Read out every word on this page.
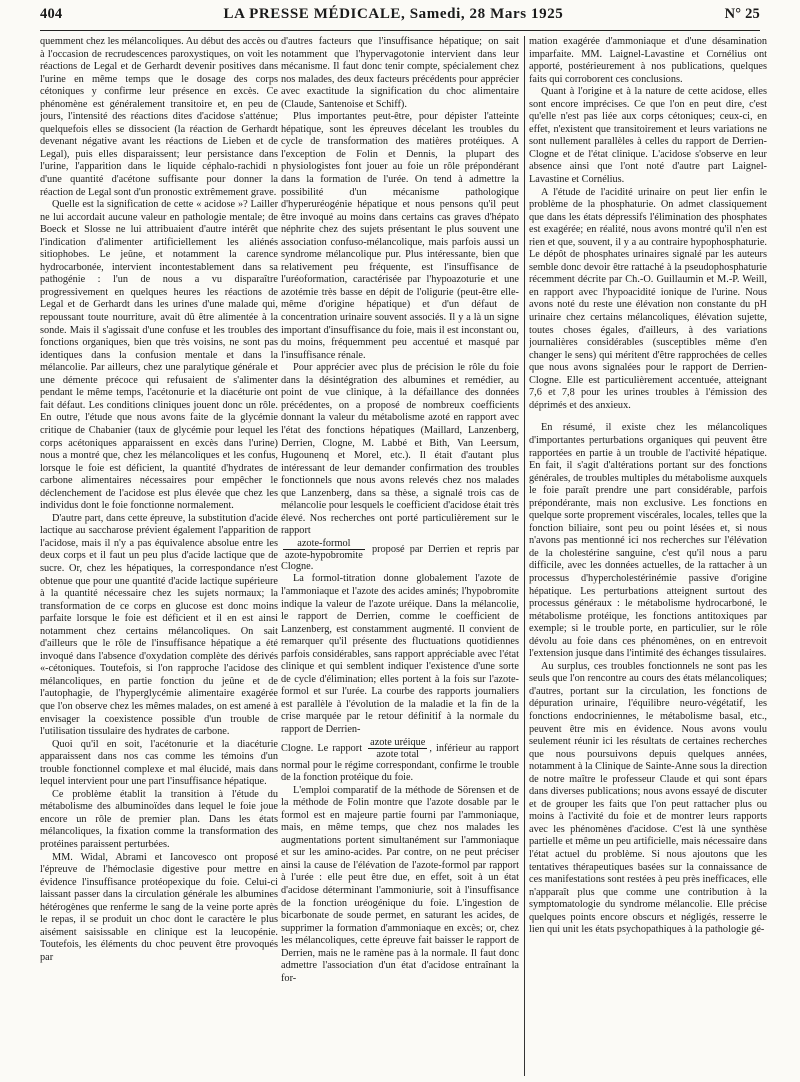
404	LA PRESSE MÉDICALE, Samedi, 28 Mars 1925	N° 25

quemment chez les mélancoliques. Au début des accès ou à l'occasion de recrudescences paroxystiques, on voit les réactions de Legal et de Gerhardt devenir positives dans l'urine en même temps que le dosage des corps cétoniques y confirme leur présence en excès. Ce phénomène est généralement transitoire et, en peu de jours, l'intensité des réactions dites d'acidose s'atténue; quelquefois elles se dissocient (la réaction de Gerhardt devenant négative avant les réactions de Lieben et de Legal), puis elles disparaissent; leur persistance dans l'urine, l'apparition dans le liquide céphalo-rachidi n d'une quantité d'acétone suffisante pour donner la réaction de Legal sont d'un pronostic extrêmement grave.

Quelle est la signification de cette « acidose »? Lailler ne lui accordait aucune valeur en pathologie mentale; de Boeck et Slosse ne lui attribuaient d'autre intérêt que l'indication d'alimenter artificiellement les aliénés sitiophobes. Le jeûne, et notamment la carence hydrocarbonée, intervient incontestablement dans sa pathogénie : l'un de nous a vu disparaître progressivement en quelques heures les réactions de Legal et de Gerhardt dans les urines d'une malade qui, repoussant toute nourriture, avait dû être alimentée à la sonde. Mais il s'agissait d'une confuse et les troubles des fonctions organiques, bien que très voisins, ne sont pas identiques dans la confusion mentale et dans la mélancolie. Par ailleurs, chez une paralytique générale et une démente précoce qui refusaient de s'alimenter pendant le même temps, l'acétonurie et la diacéturie ont fait défaut. Les conditions cliniques jouent donc un rôle. En outre, l'étude que nous avons faite de la glycémie critique de Chabanier (taux de glycémie pour lequel les corps acétoniques apparaissent en excès dans l'urine) nous a montré que, chez les mélancoliques et les confus, lorsque le foie est déficient, la quantité d'hydrates de carbone alimentaires nécessaires pour empêcher le déclenchement de l'acidose est plus élevée que chez les individus dont le foie fonctionne normalement.

D'autre part, dans cette épreuve, la substitution d'acide lactique au saccharose prévient également l'apparition de l'acidose, mais il n'y a pas équivalence absolue entre les deux corps et il faut un peu plus d'acide lactique que de sucre. Or, chez les hépatiques, la correspondance n'est obtenue que pour une quantité d'acide lactique supérieure à la quantité nécessaire chez les sujets normaux; la transformation de ce corps en glucose est donc moins parfaite lorsque le foie est déficient et il en est ainsi notamment chez certains mélancoliques. On sait d'ailleurs que le rôle de l'insuffisance hépatique a été invoqué dans l'absence d'oxydation complète des dérivés «-cétoniques. Toutefois, si l'on rapproche l'acidose des mélancoliques, en partie fonction du jeûne et de l'autophagie, de l'hyperglycémie alimentaire exagérée que l'on observe chez les mêmes malades, on est amené à envisager la coexistence possible d'un trouble de l'utilisation tissulaire des hydrates de carbone.

Quoi qu'il en soit, l'acétonurie et la diacéturie apparaissent dans nos cas comme les témoins d'un trouble fonctionnel complexe et mal élucidé, mais dans lequel intervient pour une part l'insuffisance hépatique.

Ce problème établit la transition à l'étude du métabolisme des albuminoïdes dans lequel le foie joue encore un rôle de premier plan. Dans les états mélancoliques, la fixation comme la transformation des protéines paraissent perturbées.

MM. Widal, Abrami et Iancovesco ont proposé l'épreuve de l'hémoclasie digestive pour mettre en évidence l'insuffisance protéopexique du foie. Celui-ci laissant passer dans la circulation générale les albumines hétérogènes que renferme le sang de la veine porte après le repas, il se produit un choc dont le caractère le plus aisément saisissable en clinique est la leucopénie. Toutefois, les éléments du choc peuvent être provoqués par

d'autres facteurs que l'insuffisance hépatique; on sait notamment que l'hypervagotonie intervient dans leur mécanisme. Il faut donc tenir compte, spécialement chez nos malades, des deux facteurs précédents pour apprécier avec exactitude la signification du choc alimentaire (Claude, Santenoise et Schiff).

Plus importantes peut-être, pour dépister l'atteinte hépatique, sont les épreuves décelant les troubles du cycle de transformation des matières protéiques. A l'exception de Folin et Dennis, la plupart des physiologistes font jouer au foie un rôle prépondérant dans la formation de l'urée. On tend à admettre la possibilité d'un mécanisme pathologique d'hyperuréogénie hépatique et nous pensons qu'il peut être invoqué au moins dans certains cas graves d'hépato néphrite chez des sujets présentant le plus souvent une association confuso-mélancolique, mais parfois aussi un syndrome mélancolique pur. Plus intéressante, bien que relativement peu fréquente, est l'insuffisance de l'uréoformation, caractérisée par l'hypoazoturie et une azotémie très basse en dépit de l'oligurie (peut-être elle-même d'origine hépatique) et d'un défaut de concentration urinaire souvent associés. Il y a là un signe important d'insuffisance du foie, mais il est inconstant ou, du moins, fréquemment peu accentué et masqué par l'insuffisance rénale.

Pour apprécier avec plus de précision le rôle du foie dans la désintégration des albumines et remédier, au point de vue clinique, à la défaillance des données précédentes, on a proposé de nombreux coefficients donnant la valeur du métabolisme azoté en rapport avec l'état des fonctions hépatiques (Maillard, Lanzenberg, Derrien, Clogne, M. Labbé et Bith, Van Leersum, Hugounenq et Morel, etc.). Il était d'autant plus intéressant de leur demander confirmation des troubles fonctionnels que nous avons relevés chez nos malades que Lanzenberg, dans sa thèse, a signalé trois cas de mélancolie pour lesquels le coefficient d'acidose était très élevé. Nos recherches ont porté particulièrement sur le rapport

$\frac{\text{azote-formol}}{\text{azote-hypobromite}}$ proposé par Derrien et repris par Clogne.

La formol-titration donne globalement l'azote de l'ammoniaque et l'azote des acides aminés; l'hypobromite indique la valeur de l'azote uréique. Dans la mélancolie, le rapport de Derrien, comme le coefficient de Lanzenberg, est constamment augmenté. Il convient de remarquer qu'il présente des fluctuations quotidiennes parfois considérables, sans rapport appréciable avec l'état clinique et qui semblent indiquer l'existence d'une sorte de cycle d'élimination; elles portent à la fois sur l'azote-formol et sur l'urée. La courbe des rapports journaliers est parallèle à l'évolution de la maladie et la fin de la crise marquée par le retour définitif à la normale du rapport de Derrien-

Clogne. Le rapport $\frac{\text{azote uréique}}{\text{azote total}}$ , inférieur au rapport normal pour le régime correspondant, confirme le trouble de la fonction protéique du foie.

L'emploi comparatif de la méthode de Sörensen et de la méthode de Folin montre que l'azote dosable par le formol est en majeure partie fourni par l'ammoniaque, mais, en même temps, que chez nos malades les augmentations portent simultanément sur l'ammoniaque et sur les amino-acides. Par contre, on ne peut préciser ainsi la cause de l'élévation de l'azote-formol par rapport à l'urée : elle peut être due, en effet, soit à un état d'acidose déterminant l'ammoniurie, soit à l'insuffisance de la fonction uréogénique du foie. L'ingestion de bicarbonate de soude permet, en saturant les acides, de supprimer la formation d'ammoniaque en excès; or, chez les mélancoliques, cette épreuve fait baisser le rapport de Derrien, mais ne le ramène pas à la normale. Il faut donc admettre l'association d'un état d'acidose entraînant la for-

mation exagérée d'ammoniaque et d'une désamination imparfaite. MM. Laignel-Lavastine et Cornélius ont apporté, postérieurement à nos publications, quelques faits qui corroborent ces conclusions.

Quant à l'origine et à la nature de cette acidose, elles sont encore imprécises. Ce que l'on en peut dire, c'est qu'elle n'est pas liée aux corps cétoniques; ceux-ci, en effet, n'existent que transitoirement et leurs variations ne sont nullement parallèles à celles du rapport de Derrien-Clogne et de l'état clinique. L'acidose s'observe en leur absence ainsi que l'ont noté d'autre part Laignel-Lavastine et Cornélius.

A l'étude de l'acidité urinaire on peut lier enfin le problème de la phosphaturie. On admet classiquement que dans les états dépressifs l'élimination des phosphates est exagérée; en réalité, nous avons montré qu'il n'en est rien et que, souvent, il y a au contraire hypophosphaturie. Le dépôt de phosphates urinaires signalé par les auteurs semble donc devoir être rattaché à la pseudophosphaturie récemment décrite par Ch.-O. Guillaumin et M.-P. Weill, en rapport avec l'hypoacidité ionique de l'urine. Nous avons noté du reste une élévation non constante du pH urinaire chez certains mélancoliques, élévation sujette, toutes choses égales, d'ailleurs, à des variations journalières considérables (susceptibles même d'en changer le sens) qui méritent d'être rapprochées de celles que nous avons signalées pour le rapport de Derrien-Clogne. Elle est particulièrement accentuée, atteignant 7,6 et 7,8 pour les urines troubles à l'émission des déprimés et des anxieux.

En résumé, il existe chez les mélancoliques d'importantes perturbations organiques qui peuvent être rapportées en partie à un trouble de l'activité hépatique. En fait, il s'agit d'altérations portant sur des fonctions générales, de troubles multiples du métabolisme auxquels le foie paraît prendre une part considérable, parfois prépondérante, mais non exclusive. Les fonctions en quelque sorte proprement viscérales, locales, telles que la fonction biliaire, sont peu ou point lésées et, si nous n'avons pas mentionné ici nos recherches sur l'élévation de la cholestérine sanguine, c'est qu'il nous a paru difficile, avec les données actuelles, de la rattacher à un processus d'hypercholestérinémie passive d'origine hépatique. Les perturbations atteignent surtout des processus généraux : le métabolisme hydrocarboné, le métabolisme protéique, les fonctions antitoxiques par exemple; si le trouble porte, en particulier, sur le rôle dévolu au foie dans ces phénomènes, on en entrevoit l'extension jusque dans l'intimité des échanges tissulaires.

Au surplus, ces troubles fonctionnels ne sont pas les seuls que l'on rencontre au cours des états mélancoliques; d'autres, portant sur la circulation, les fonctions de dépuration urinaire, l'équilibre neuro-végétatif, les fonctions endocriniennes, le métabolisme basal, etc., peuvent être mis en évidence. Nous avons voulu seulement réunir ici les résultats de certaines recherches que nous poursuivons depuis quelques années, notamment à la Clinique de Sainte-Anne sous la direction de notre maître le professeur Claude et qui sont épars dans diverses publications; nous avons essayé de discuter et de grouper les faits que l'on peut rattacher plus ou moins à l'activité du foie et de montrer leurs rapports avec les phénomènes d'acidose. C'est là une synthèse partielle et même un peu artificielle, mais nécessaire dans l'état actuel du problème. Si nous ajoutons que les tentatives thérapeutiques basées sur la connaissance de ces manifestations sont restées à peu près inefficaces, elle n'apparaît plus que comme une contribution à la symptomatologie du syndrome mélancolie. Elle précise quelques points encore obscurs et négligés, resserre le lien qui unit les états psychopathiques à la pathologie gé-
